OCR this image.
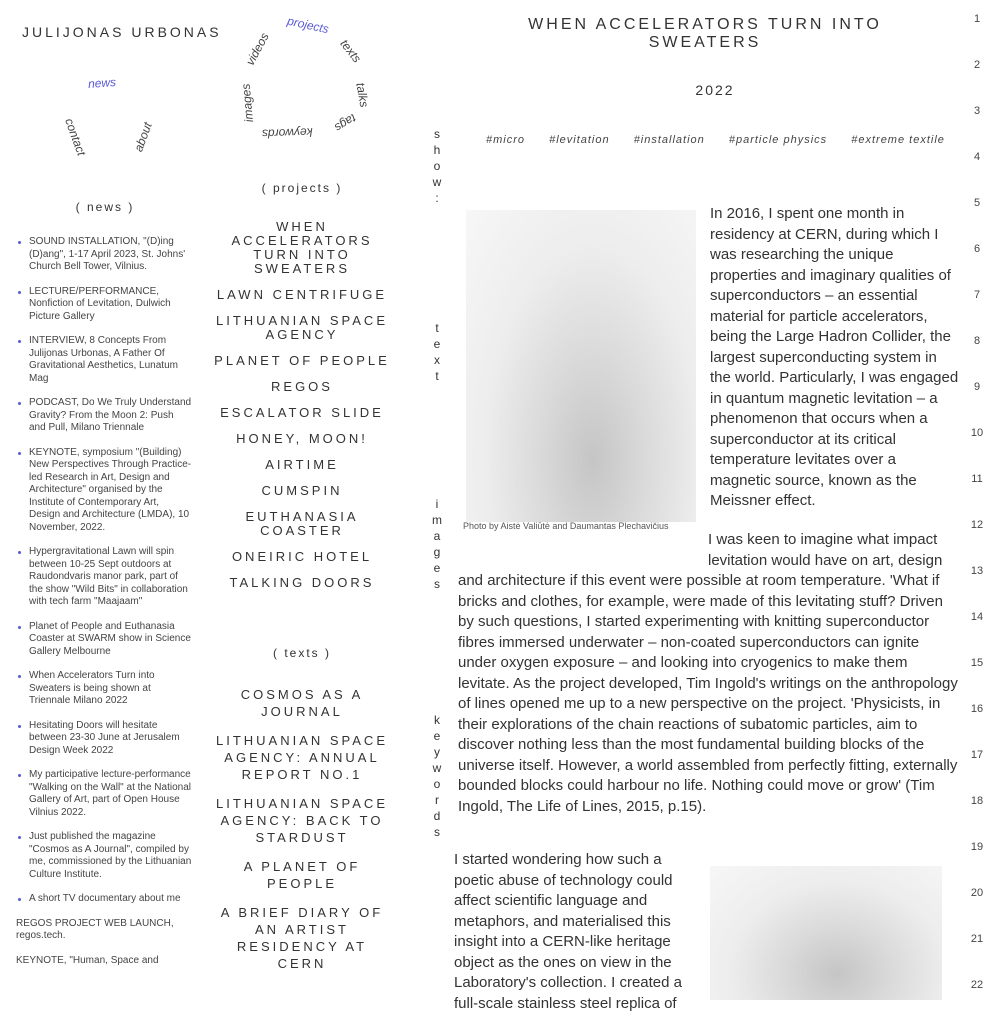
JULIJONAS URBONAS
news
contact	about
projects
texts
talks
tags
keywords
images
videos
( news )
( projects )
( texts )
SOUND INSTALLATION, "(D)ing (D)ang", 1-17 April 2023, St. Johns' Church Bell Tower, Vilnius.
LECTURE/PERFORMANCE, Nonfiction of Levitation, Dulwich Picture Gallery
INTERVIEW, 8 Concepts From Julijonas Urbonas, A Father Of Gravitational Aesthetics, Lunatum Mag
PODCAST, Do We Truly Understand Gravity? From the Moon 2: Push and Pull, Milano Triennale
KEYNOTE, symposium "(Building) New Perspectives Through Practice-led Research in Art, Design and Architecture" organised by the Institute of Contemporary Art, Design and Architecture (LMDA), 10 November, 2022.
Hypergravitational Lawn will spin between 10-25 Sept outdoors at Raudondvaris manor park, part of the show "Wild Bits" in collaboration with tech farm "Maajaam"
Planet of People and Euthanasia Coaster at SWARM show in Science Gallery Melbourne
When Accelerators Turn into Sweaters is being shown at Triennale Milano 2022
Hesitating Doors will hesitate between 23-30 June at Jerusalem Design Week 2022
My participative lecture-performance "Walking on the Wall" at the National Gallery of Art, part of Open House Vilnius 2022.
Just published the magazine "Cosmos as A Journal", compiled by me, commissioned by the Lithuanian Culture Institute.
A short TV documentary about me
REGOS PROJECT WEB LAUNCH, regos.tech.
KEYNOTE, "Human, Space and
WHEN ACCELERATORS TURN INTO SWEATERS
LAWN CENTRIFUGE
LITHUANIAN SPACE AGENCY
PLANET OF PEOPLE
REGOS
ESCALATOR SLIDE
HONEY, MOON!
AIRTIME
CUMSPIN
EUTHANASIA COASTER
ONEIRIC HOTEL
TALKING DOORS
COSMOS AS A JOURNAL
LITHUANIAN SPACE AGENCY: ANNUAL REPORT NO.1
LITHUANIAN SPACE AGENCY: BACK TO STARDUST
A PLANET OF PEOPLE
A BRIEF DIARY OF AN ARTIST RESIDENCY AT CERN
s
h
o
w
:
t
e
x
t
i
m
a
g
e
s
k
e
y
w
o
r
d
s
WHEN ACCELERATORS TURN INTO SWEATERS
2022
#micro #levitation #installation #particle physics #extreme textile
Photo by Aistė Valiūtė and Daumantas Plechavičius

In 2016, I spent one month in residency at CERN, during which I was researching the unique properties and imaginary qualities of superconductors – an essential material for particle accelerators, being the Large Hadron Collider, the largest superconducting system in the world. Particularly, I was engaged in quantum magnetic levitation – a phenomenon that occurs when a superconductor at its critical temperature levitates over a magnetic source, known as the Meissner effect.

I was keen to imagine what impact levitation would have on art, design

and architecture if this event were possible at room temperature. 'What if bricks and clothes, for example, were made of this levitating stuff? Driven by such questions, I started experimenting with knitting superconductor fibres immersed underwater – non-coated superconductors can ignite under oxygen exposure – and looking into cryogenics to make them levitate. As the project developed, Tim Ingold's writings on the anthropology of lines opened me up to a new perspective on the project. 'Physicists, in their explorations of the chain reactions of subatomic particles, aim to discover nothing less than the most fundamental building blocks of the universe itself. However, a world assembled from perfectly fitting, externally bounded blocks could harbour no life. Nothing could move or grow' (Tim Ingold, The Life of Lines, 2015, p.15).

I started wondering how such a poetic abuse of technology could affect scientific language and metaphors, and materialised this insight into a CERN-like heritage object as the ones on view in the Laboratory's collection. I created a full-scale stainless steel replica of

1
2
3
4
5
6
7
8
9
10
11
12
13
14
15
16
17
18
19
20
21
22
